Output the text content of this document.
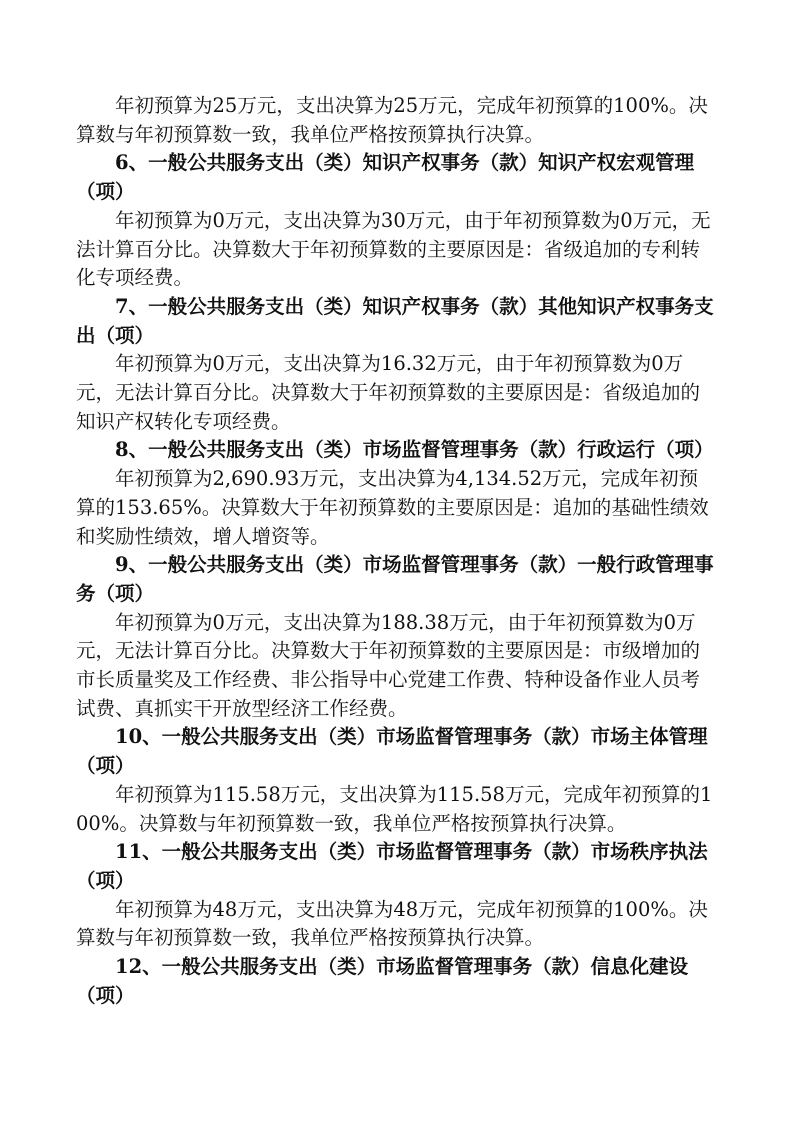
年初预算为25万元，支出决算为25万元，完成年初预算的100%。决算数与年初预算数一致，我单位严格按预算执行决算。

6、一般公共服务支出（类）知识产权事务（款）知识产权宏观管理（项）

年初预算为0万元，支出决算为30万元，由于年初预算数为0万元，无法计算百分比。决算数大于年初预算数的主要原因是：省级追加的专利转化专项经费。

7、一般公共服务支出（类）知识产权事务（款）其他知识产权事务支出（项）

年初预算为0万元，支出决算为16.32万元，由于年初预算数为0万元，无法计算百分比。决算数大于年初预算数的主要原因是：省级追加的知识产权转化专项经费。

8、一般公共服务支出（类）市场监督管理事务（款）行政运行（项）

年初预算为2,690.93万元，支出决算为4,134.52万元，完成年初预算的153.65%。决算数大于年初预算数的主要原因是：追加的基础性绩效和奖励性绩效，增人增资等。

9、一般公共服务支出（类）市场监督管理事务（款）一般行政管理事务（项）

年初预算为0万元，支出决算为188.38万元，由于年初预算数为0万元，无法计算百分比。决算数大于年初预算数的主要原因是：市级增加的市长质量奖及工作经费、非公指导中心党建工作费、特种设备作业人员考试费、真抓实干开放型经济工作经费。

10、一般公共服务支出（类）市场监督管理事务（款）市场主体管理（项）

年初预算为115.58万元，支出决算为115.58万元，完成年初预算的100%。决算数与年初预算数一致，我单位严格按预算执行决算。

11、一般公共服务支出（类）市场监督管理事务（款）市场秩序执法（项）

年初预算为48万元，支出决算为48万元，完成年初预算的100%。决算数与年初预算数一致，我单位严格按预算执行决算。

12、一般公共服务支出（类）市场监督管理事务（款）信息化建设（项）
